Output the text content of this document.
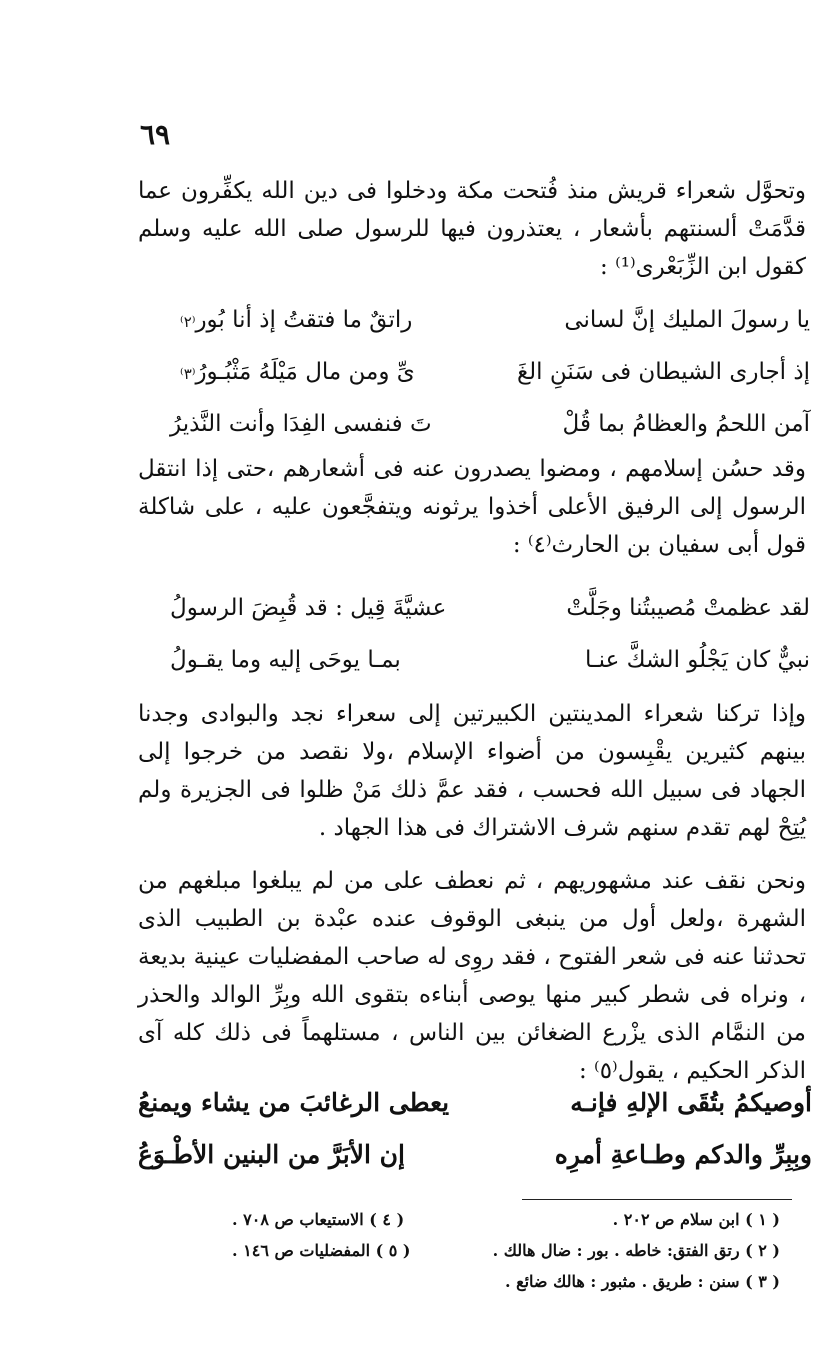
٦٩
وتحوَّل شعراء قريش منذ فُتحت مكة ودخلوا فى دين الله يكفِّرون عما قدَّمَتْ ألسنتهم بأشعار ، يعتذرون فيها للرسول صلى الله عليه وسلم كقول ابن الزِّبَعْرى⁽¹⁾ :
يا رسولَ المليك إنَّ لسانى
راتقٌ ما فتقتُ إذ أنا بُور⁽٢⁾
إذ أجارى الشيطان فى سَنَنِ الغَ
ىِّ ومن مال مَيْلَهُ مَثْبُـورُ⁽٣⁾
آمن اللحمُ والعظامُ بما قُلْ
تَ فنفسى الفِدَا وأنت النَّذيرُ
وقد حسُن إسلامهم ، ومضوا يصدرون عنه فى أشعارهم ،حتى إذا انتقل الرسول إلى الرفيق الأعلى أخذوا يرثونه ويتفجَّعون عليه ، على شاكلة قول أبى سفيان بن الحارث⁽٤⁾ :
لقد عظمتْ مُصيبتُنا وجَلَّتْ
عشيَّةَ قِيل : قد قُبِضَ الرسولُ
نبيٌّ كان يَجْلُو الشكَّ عنـا
بمـا يوحَى إليه وما يقـولُ
وإذا تركنا شعراء المدينتين الكبيرتين إلى سعراء نجد والبوادى وجدنا بينهم كثيرين يقْبِسون من أضواء الإسلام ،ولا نقصد من خرجوا إلى الجهاد فى سبيل الله فحسب ، فقد عمَّ ذلك مَنْ ظلوا فى الجزيرة ولم يُتِحْ لهم تقدم سنهم شرف الاشتراك فى هذا الجهاد .
ونحن نقف عند مشهوريهم ، ثم نعطف على من لم يبلغوا مبلغهم من الشهرة ،ولعل أول من ينبغى الوقوف عنده عبْدة بن الطبيب الذى تحدثنا عنه فى شعر الفتوح ، فقد روِى له صاحب المفضليات عينية بديعة ، ونراه فى شطر كبير منها يوصى أبناءه بتقوى الله وبِرِّ الوالد والحذر من النمَّام الذى يزْرع الضغائن بين الناس ، مستلهماً فى ذلك كله آى الذكر الحكيم ، يقول⁽٥⁾ :
أوصيكمُ بتُقَى الإلهِ فإنـه
يعطى الرغائبَ من يشاء ويمنعُ
وبِبِرِّ والدكم وطـاعةِ أمرِه
إن الأبَرَّ من البنين الأطْـوَعُ
( ١ ) ابن سلام ص ٢٠٢ .
( ٢ ) رتق الفتق: خاطه . بور : ضال هالك .
( ٣ ) سنن : طريق . مثبور : هالك ضائع .
( ٤ ) الاستيعاب ص ٧٠٨ .
( ٥ ) المفضليات ص ١٤٦ .
